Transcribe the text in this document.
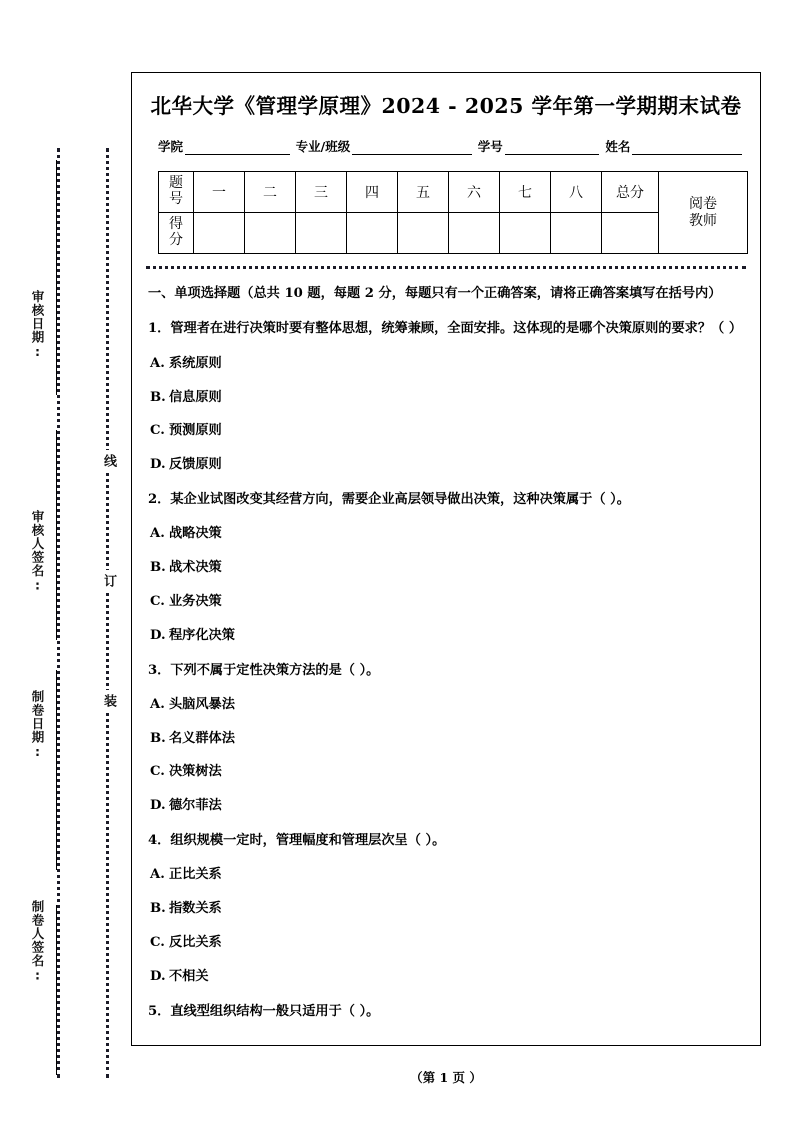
审核日期:
审核人签名:
制卷日期:
制卷人签名:
线
订
装
北华大学《管理学原理》2024 - 2025 学年第一学期期末试卷
学院	专业/班级	学号	姓名
题
号	一	二	三	四	五	六	七	八	总分	阅卷
教师

得
分										

一、单项选择题（总共 10 题，每题 2 分，每题只有一个正确答案，请将正确答案填写在括号内）
1．管理者在进行决策时要有整体思想，统筹兼顾，全面安排。这体现的是哪个决策原则的要求？（ ）
A. 系统原则
B. 信息原则
C. 预测原则
D. 反馈原则
2．某企业试图改变其经营方向，需要企业高层领导做出决策，这种决策属于（ ）。
A. 战略决策
B. 战术决策
C. 业务决策
D. 程序化决策
3．下列不属于定性决策方法的是（ ）。
A. 头脑风暴法
B. 名义群体法
C. 决策树法
D. 德尔菲法
4．组织规模一定时，管理幅度和管理层次呈（ ）。
A. 正比关系
B. 指数关系
C. 反比关系
D. 不相关
5．直线型组织结构一般只适用于（ ）。
（第 1 页 ）
